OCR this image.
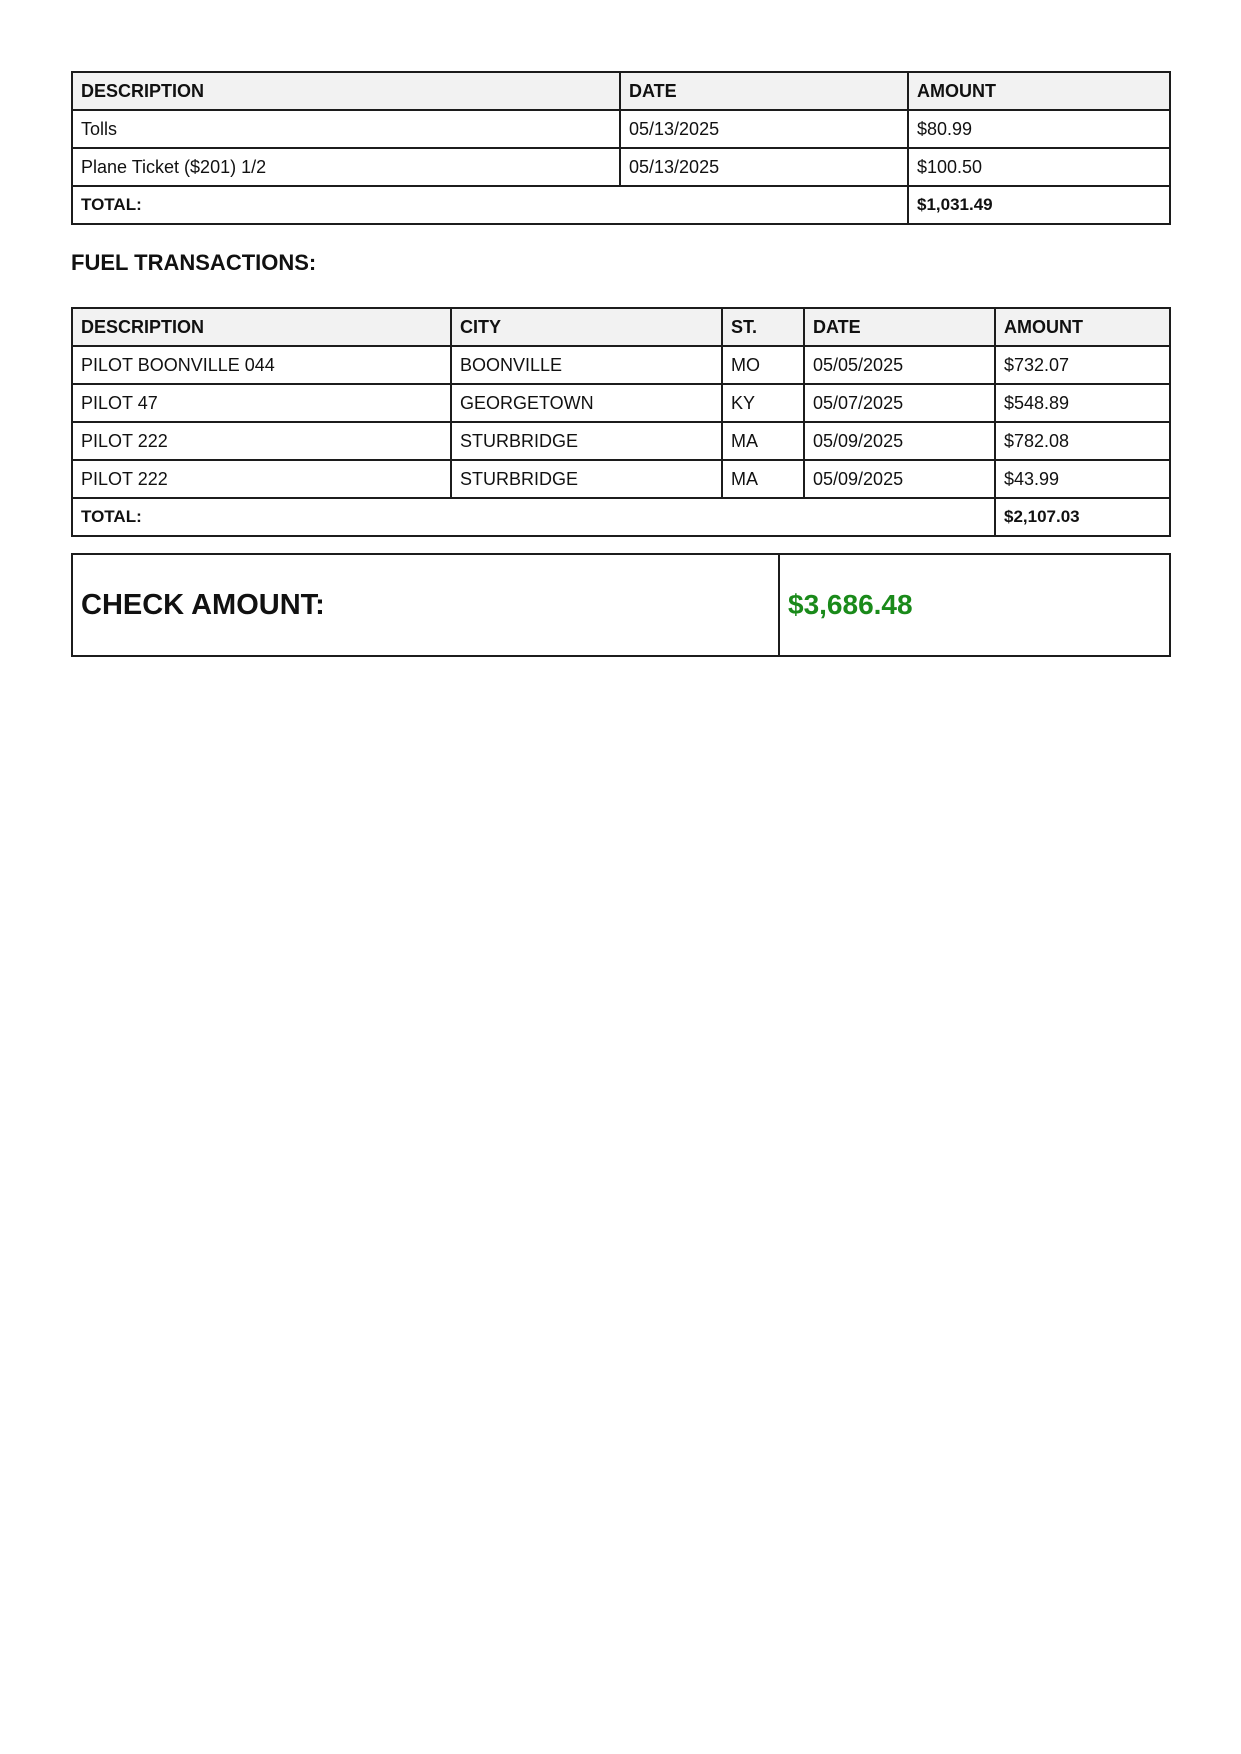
DESCRIPTION	DATE	AMOUNT
Tolls	05/13/2025	$80.99
Plane Ticket ($201) 1/2	05/13/2025	$100.50
TOTAL:		$1,031.49
FUEL TRANSACTIONS:
DESCRIPTION	CITY	ST.	DATE	AMOUNT
PILOT BOONVILLE 044	BOONVILLE	MO	05/05/2025	$732.07
PILOT 47	GEORGETOWN	KY	05/07/2025	$548.89
PILOT 222	STURBRIDGE	MA	05/09/2025	$782.08
PILOT 222	STURBRIDGE	MA	05/09/2025	$43.99
TOTAL:				$2,107.03
CHECK AMOUNT:	$3,686.48
